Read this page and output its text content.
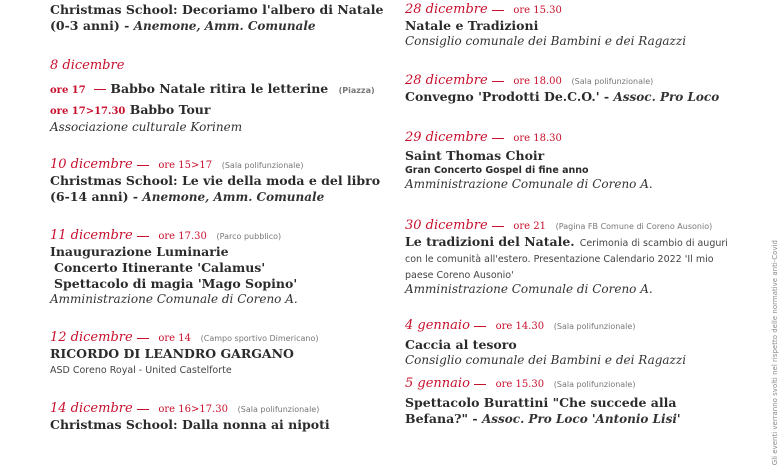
Christmas School: Decoriamo l'albero di Natale (0-3 anni) - Anemone, Amm. Comunale
8 dicembre
ore 17 Babbo Natale ritira le letterine (Piazza)
ore 17>17.30 Babbo Tour
Associazione culturale Korinem
10 dicembre	ore 15>17 (Sala polifunzionale)
Christmas School: Le vie della moda e del libro (6-14 anni) - Anemone, Amm. Comunale
11 dicembre	ore 17.30 (Parco pubblico)
Inaugurazione Luminarie
Concerto Itinerante 'Calamus'
Spettacolo di magia 'Mago Sopino'
Amministrazione Comunale di Coreno A.
12 dicembre	ore 14 (Campo sportivo Dimericano)
RICORDO DI LEANDRO GARGANO
ASD Coreno Royal - United Castelforte
14 dicembre	ore 16>17.30 (Sala polifunzionale)
Christmas School: Dalla nonna ai nipoti
28 dicembre	ore 15.30
Natale e Tradizioni
Consiglio comunale dei Bambini e dei Ragazzi
28 dicembre	ore 18.00 (Sala polifunzionale)
Convegno 'Prodotti De.C.O.' - Assoc. Pro Loco
29 dicembre	ore 18.30
Saint Thomas Choir
Gran Concerto Gospel di fine anno
Amministrazione Comunale di Coreno A.
30 dicembre	ore 21 (Pagina FB Comune di Coreno Ausonio)
Le tradizioni del Natale. Cerimonia di scambio di auguri con le comunità all'estero. Presentazione Calendario 2022 'Il mio paese Coreno Ausonio'
Amministrazione Comunale di Coreno A.
4 gennaio	ore 14.30 (Sala polifunzionale)
Caccia al tesoro
Consiglio comunale dei Bambini e dei Ragazzi
5 gennaio	ore 15.30 (Sala polifunzionale)
Spettacolo Burattini "Che succede alla Befana?" - Assoc. Pro Loco 'Antonio Lisi'	Gli eventi verranno svolti nel rispetto delle normative anti-Covid
